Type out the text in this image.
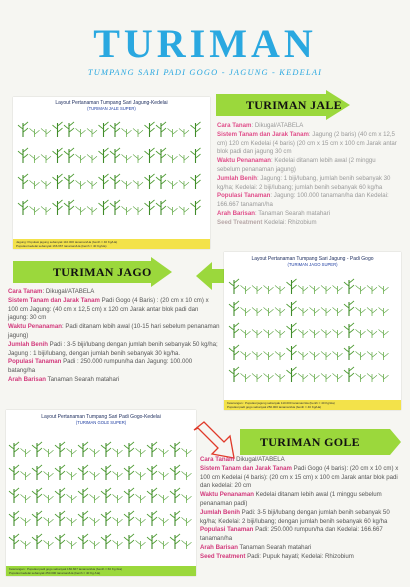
TURIMAN
TUMPANG SARI PADI GOGO - JAGUNG - KEDELAI
Layout Pertanaman Tumpang Sari Jagung-Kedelai
(TURIMAN JALE SUPER)
Jagung: Populasi jagung sebanyak 110.000 tanaman/Ha (benih = 40 Kg/Ha)
Populasi kedelai sebanyak 166.667 tanaman/Ha (benih = 40 Kg/Ha)
TURIMAN JALE

Cara Tanam: Dikugal/ATABELA

Sistem Tanam dan Jarak Tanam: Jagung (2 baris) (40 cm x 12,5 cm) 120 cm Kedelai (4 baris) (20 cm x 15 cm x 100 cm Jarak antar blok padi dan jagung 30 cm

Waktu Penanaman: Kedelai ditanam lebih awal (2 minggu sebelum penanaman jagung)

Jumlah Benih: Jagung: 1 biji/lubang, jumlah benih sebanyak 30 kg/ha; Kedelai: 2 biji/lubang; jumlah benih sebanyak 60 kg/ha

Populasi Tanaman: Jagung: 100.000 tanaman/ha dan Kedelai: 166.667 tanaman/ha

Arah Barisan: Tanaman Searah matahari

Seed Treatment Kedelai: Rhizobium

TURIMAN JAGO
Layout Pertanaman Tumpang Sari Jagung - Padi Gogo
(TURIMAN JAGO SUPER)
Keterangan : Populasi jagung sebanyak 110.000 tanaman/Ha (benih = 40 Kg/Ha)
Populasi padi gogo sebanyak 250.000 tanaman/Ha (benih = 40 Kg/Ha)

Cara Tanam: Dikugal/ATABELA

Sistem Tanam dan Jarak Tanam Padi Gogo (4 Baris) : (20 cm x 10 cm) x 100 cm Jagung: (40 cm x 12,5 cm) x 120 cm Jarak antar blok padi dan jagung: 30 cm

Waktu Penanaman: Padi ditanam lebih awal (10-15 hari sebelum penanaman jagung)

Jumlah Benih Padi : 3-5 biji/lubang dengan jumlah benih sebanyak 50 kg/ha; Jagung : 1 biji/lubang, dengan jumlah benih sebanyak 30 kg/ha.

Populasi Tanaman Padi : 250.000 rumpun/ha dan Jagung: 100.000 batang/ha

Arah Barisan Tanaman Searah matahari

Layout Pertanaman Tumpang Sari Padi Gogo-Kedelai
(TURIMAN GOLE SUPER)
Keterangan : Populasi padi gogo sebanyak 166.667 tanaman/Ha (benih = 60 Kg /Ha)
Populasi kedelai sebanyak 250.000 tanaman/Ha (benih = 40 Kg /Ha)
TURIMAN GOLE

Cara Tanam Dikugal/ATABELA

Sistem Tanam dan Jarak Tanam Padi Gogo (4 baris): (20 cm x 10 cm) x 100 cm Kedelai (4 baris): (20 cm x 15 cm) x 100 cm Jarak antar blok padi dan kedelai: 20 cm

Waktu Penanaman Kedelai ditanam lebih awal (1 minggu sebelum penanaman padi)

Jumlah Benih Padi: 3-5 biji/lubang dengan jumlah benih sebanyak 50 kg/ha; Kedelai: 2 biji/lubang; dengan jumlah benih sebanyak 60 kg/ha

Populasi Tanaman Padi: 250.000 rumpun/ha dan Kedelai: 166.667 tanaman/ha

Arah Barisan Tanaman Searah matahari

Seed Treatment Padi: Pupuk hayati; Kedelai: Rhizobium
